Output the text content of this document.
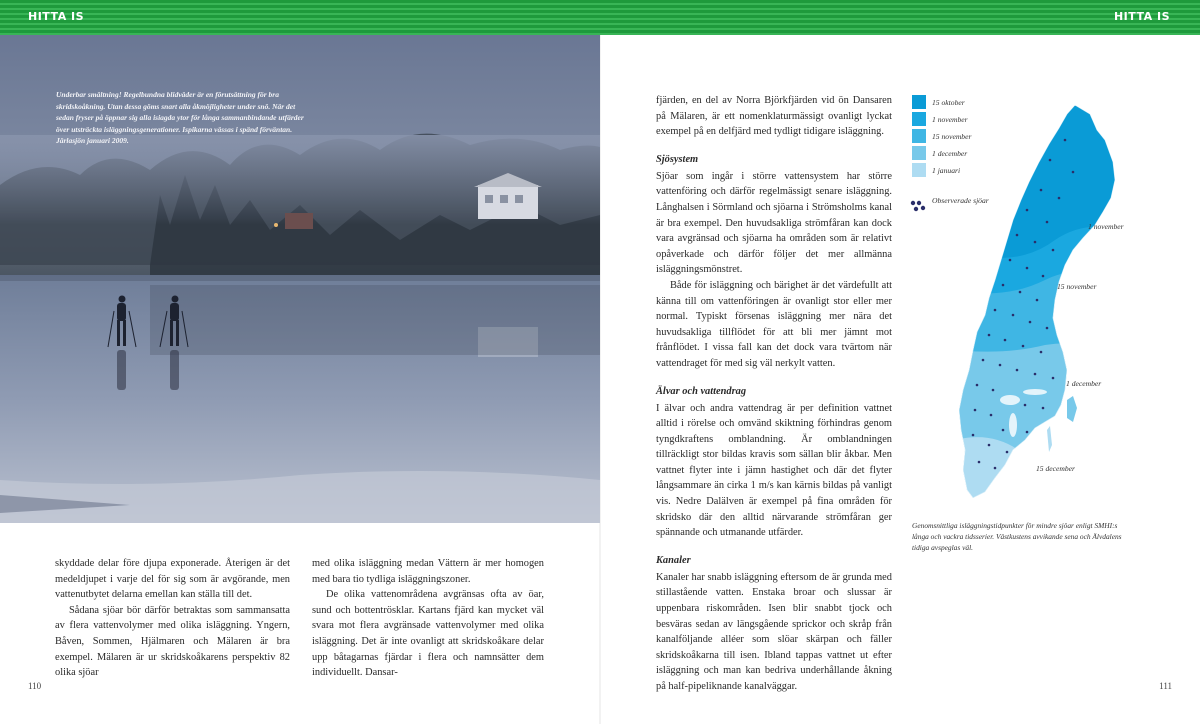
HITTA IS	HITTA IS
Underbar smältning! Regelbundna blidväder är en förutsättning för bra skridskoåkning. Utan dessa göms snart alla åkmöjligheter under snö. När det sedan fryser på öppnar sig alla isiagda ytor för långa sammanbindande utfärder över utsträckta isläggningsgenerationer. Ispikarna vässas i spänd förväntan. Järlasjön januari 2009.

skyddade delar före djupa exponerade. Återigen är det medeldjupet i varje del för sig som är avgörande, men vattenutbytet delarna emellan kan ställa till det.

Sådana sjöar bör därför betraktas som sammansatta av flera vattenvolymer med olika isläggning. Yngern, Båven, Sommen, Hjälmaren och Mälaren är bra exempel. Mälaren är ur skridskoåkarens perspektiv 82 olika sjöar

med olika isläggning medan Vättern är mer homogen med bara tio tydliga isläggningszoner.

De olika vattenområdena avgränsas ofta av öar, sund och bottentrösklar. Kartans fjärd kan mycket väl svara mot flera avgränsade vattenvolymer med olika isläggning. Det är inte ovanligt att skridskoåkare delar upp båtagarnas fjärdar i flera och namnsätter dem individuellt. Dansar-

110

fjärden, en del av Norra Björkfjärden vid ön Dansaren på Mälaren, är ett nomenklaturmässigt ovanligt lyckat exempel på en delfjärd med tydligt tidigare isläggning.

Sjösystem

Sjöar som ingår i större vattensystem har större vattenföring och därför regelmässigt senare isläggning. Långhalsen i Sörmland och sjöarna i Strömsholms kanal är bra exempel. Den huvudsakliga strömfåran kan dock vara avgränsad och sjöarna ha områden som är relativt opåverkade och därför följer det mer allmänna isläggningsmönstret.

Både för isläggning och bärighet är det värdefullt att känna till om vattenföringen är ovanligt stor eller mer normal. Typiskt försenas isläggning mer nära det huvudsakliga tillflödet för att bli mer jämnt mot frånflödet. I vissa fall kan det dock vara tvärtom när vattendraget för med sig väl nerkylt vatten.

Älvar och vattendrag

I älvar och andra vattendrag är per definition vattnet alltid i rörelse och omvänd skiktning förhindras genom tyngdkraftens omblandning. Är omblandningen tillräckligt stor bildas kravis som sällan blir åkbar. Men vattnet flyter inte i jämn hastighet och där det flyter långsammare än cirka 1 m/s kan kärnis bildas på vanligt vis. Nedre Dalälven är exempel på fina områden för skridsko där den alltid närvarande strömfåran ger spännande och utmanande utfärder.

Kanaler

Kanaler har snabb isläggning eftersom de är grunda med stillastående vatten. Enstaka broar och slussar är uppenbara riskområden. Isen blir snabbt tjock och besväras sedan av längsgående sprickor och skråp från kanalföljande alléer som slöar skärpan och fäller skridskoåkarna till isen. Ibland tappas vattnet ut efter isläggning och man kan bedriva underhållande åkning på half-pipeliknande kanalväggar.	111
15 oktober
1 november
15 november
1 december
1 januari
Observerade sjöar
1 november
15 november
1 december
15 december
Genomsnittliga isläggningstidpunkter för mindre sjöar enligt SMHI:s långa och vackra tidsserier. Västkustens avvikande sena och Älvdalens tidiga avspeglas väl.
